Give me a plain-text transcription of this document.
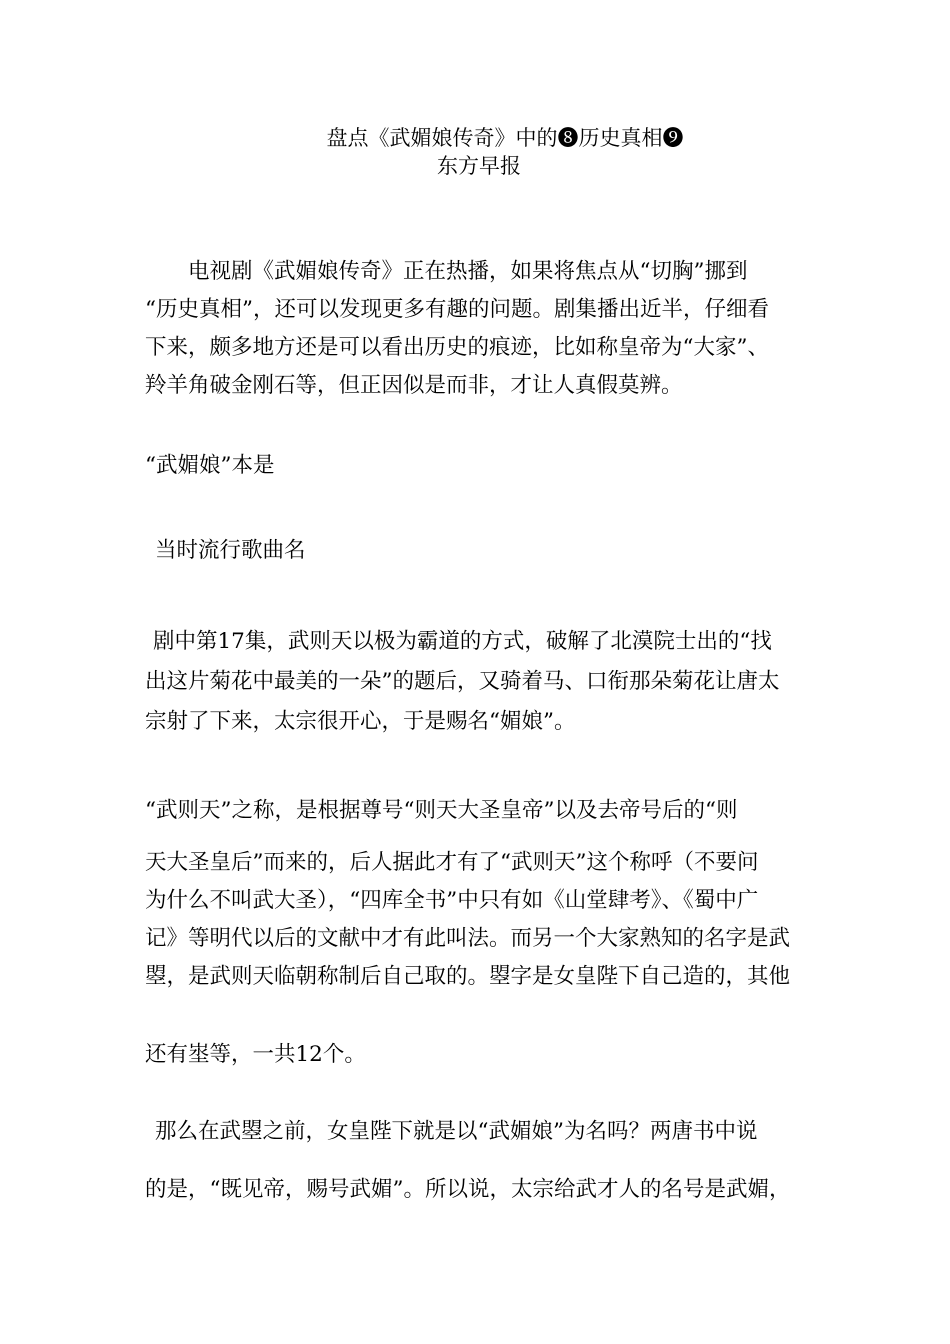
盘点《武媚娘传奇》中的❽历史真相❾

东方早报

电视剧《武媚娘传奇》正在热播，如果将焦点从“切胸”挪到

“历史真相”，还可以发现更多有趣的问题。剧集播出近半，仔细看

下来，颇多地方还是可以看出历史的痕迹，比如称皇帝为“大家”、

羚羊角破金刚石等，但正因似是而非，才让人真假莫辨。

“武媚娘”本是

当时流行歌曲名

剧中第17集，武则天以极为霸道的方式，破解了北漠院士出的“找

出这片菊花中最美的一朵”的题后，又骑着马、口衔那朵菊花让唐太

宗射了下来，太宗很开心，于是赐名“媚娘”。

“武则天”之称，是根据尊号“则天大圣皇帝”以及去帝号后的“则

天大圣皇后”而来的，后人据此才有了“武则天”这个称呼（不要问

为什么不叫武大圣），“四库全书”中只有如《山堂肆考》、《蜀中广

记》等明代以后的文献中才有此叫法。而另一个大家熟知的名字是武

曌，是武则天临朝称制后自己取的。曌字是女皇陛下自己造的，其他

还有埊等，一共12个。

那么在武曌之前，女皇陛下就是以“武媚娘”为名吗？两唐书中说

的是，“既见帝，赐号武媚”。所以说，太宗给武才人的名号是武媚，
